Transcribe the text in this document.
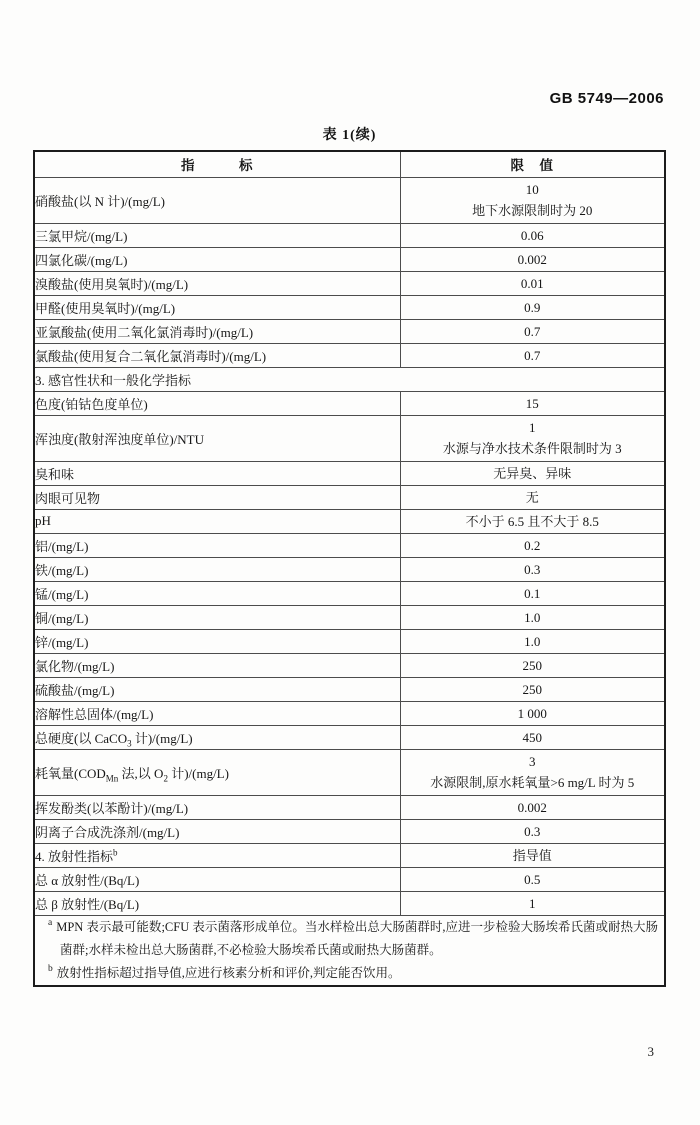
GB 5749—2006
表 1(续)
指　　　标	限　值
硝酸盐(以 N 计)/(mg/L)	10
地下水源限制时为 20

三氯甲烷/(mg/L)	0.06

四氯化碳/(mg/L)	0.002

溴酸盐(使用臭氧时)/(mg/L)	0.01

甲醛(使用臭氧时)/(mg/L)	0.9

亚氯酸盐(使用二氧化氯消毒时)/(mg/L)	0.7

氯酸盐(使用复合二氧化氯消毒时)/(mg/L)	0.7

3. 感官性状和一般化学指标	
色度(铂钴色度单位)	15

浑浊度(散射浑浊度单位)/NTU	1
水源与净水技术条件限制时为 3

臭和味	无异臭、异味

肉眼可见物	无

pH	不小于 6.5 且不大于 8.5

铝/(mg/L)	0.2

铁/(mg/L)	0.3

锰/(mg/L)	0.1

铜/(mg/L)	1.0

锌/(mg/L)	1.0

氯化物/(mg/L)	250

硫酸盐/(mg/L)	250

溶解性总固体/(mg/L)	1 000

总硬度(以 CaCO$_3$ 计)/(mg/L)	450

耗氧量($COD_{Mn}$ 法,以 $O_2$ 计)/(mg/L)	3
水源限制,原水耗氧量>6 mg/L 时为 5

挥发酚类(以苯酚计)/(mg/L)	0.002

阴离子合成洗涤剂/(mg/L)	0.3

4. 放射性指标$^b$	指导值

总 α 放射性/(Bq/L)	0.5

总 β 放射性/(Bq/L)	1

$^a$ MPN 表示最可能数;CFU 表示菌落形成单位。当水样检出总大肠菌群时,应进一步检验大肠埃希氏菌或耐热大肠菌群;水样未检出总大肠菌群,不必检验大肠埃希氏菌或耐热大肠菌群。
$^b$ 放射性指标超过指导值,应进行核素分析和评价,判定能否饮用。	
3
